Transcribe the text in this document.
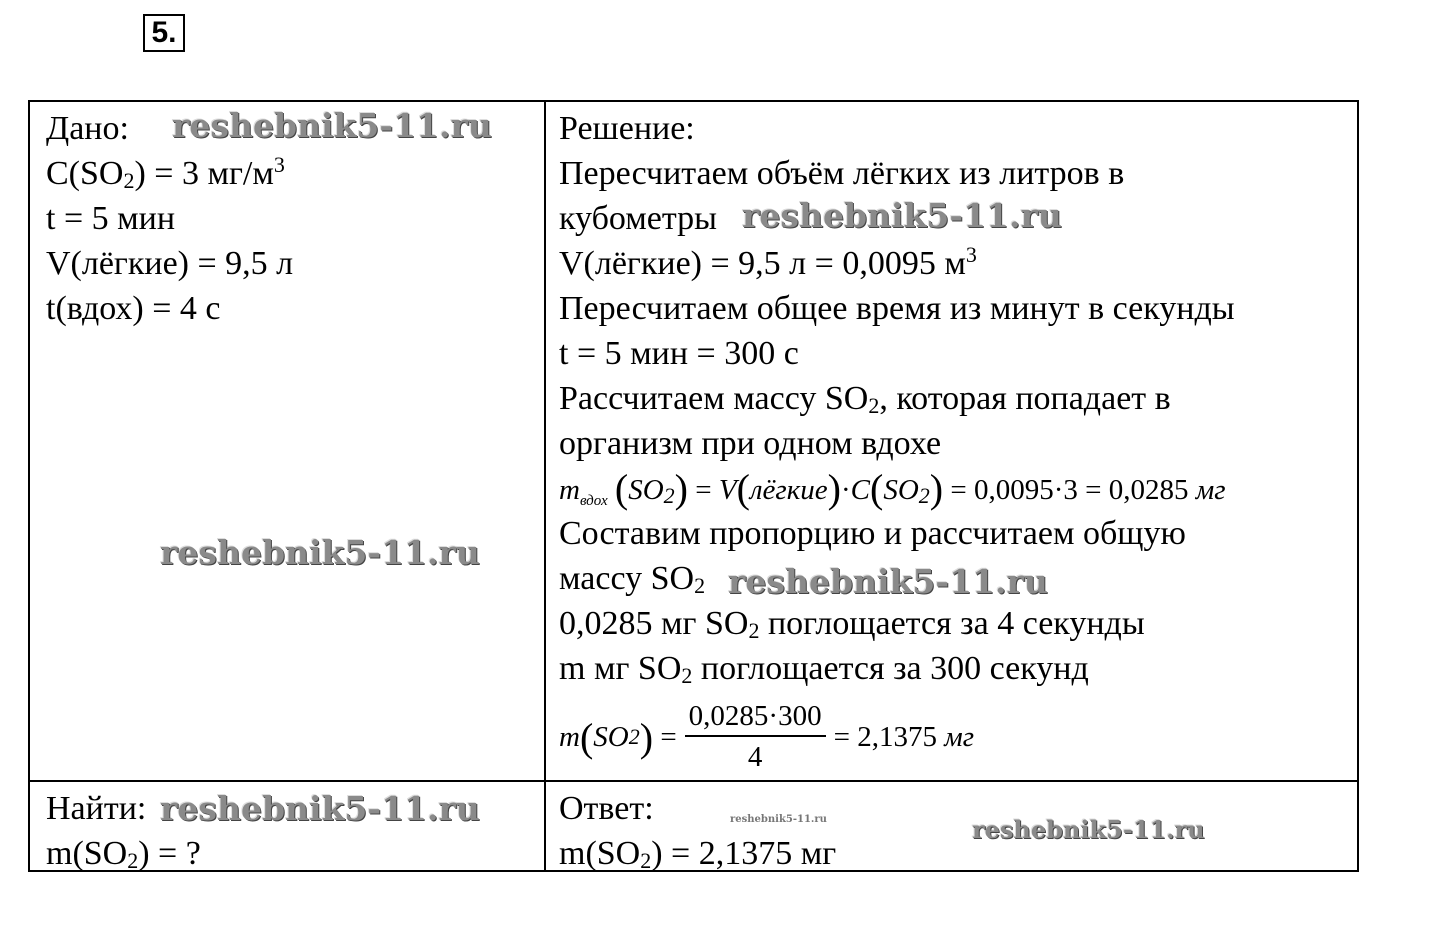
5.
Дано:
$C(SO_2) = 3$ $мг/м^3$
t = 5 мин
V(лёгкие) = 9,5 л
t(вдох) = 4 с
Решение:
Пересчитаем объём лёгких из литров в
кубометры
V(лёгкие) = 9,5 л = 0,0095 $м^3$
Пересчитаем общее время из минут в секунды
t = 5 мин = 300 с
Рассчитаем массу $SO_2$, которая попадает в
организм при одном вдохе
$m_{вдох}$ $(SO_2)$ = $V(лёгкие)\cdot C(SO_2) = 0,0095\cdot 3 = 0,0285$ мг
Составим пропорцию и рассчитаем общую
массу $SO_2$
0,0285 мг $SO_2$ поглощается за 4 секунды
m мг $SO_2$ поглощается за 300 секунд
m ( SO 2 ) = $\frac{0,0285\cdot 300}{4} = 2,1375$
мг
Найти:
$m(SO_2)$ = ?
Ответ:
$m(SO_2) = 2,1375$ мг
reshebnik5-11.ru
reshebnik5-11.ru
reshebnik5-11.ru
reshebnik5-11.ru
reshebnik5-11.ru
reshebnik5-11.ru
reshebnik5-11.ru
